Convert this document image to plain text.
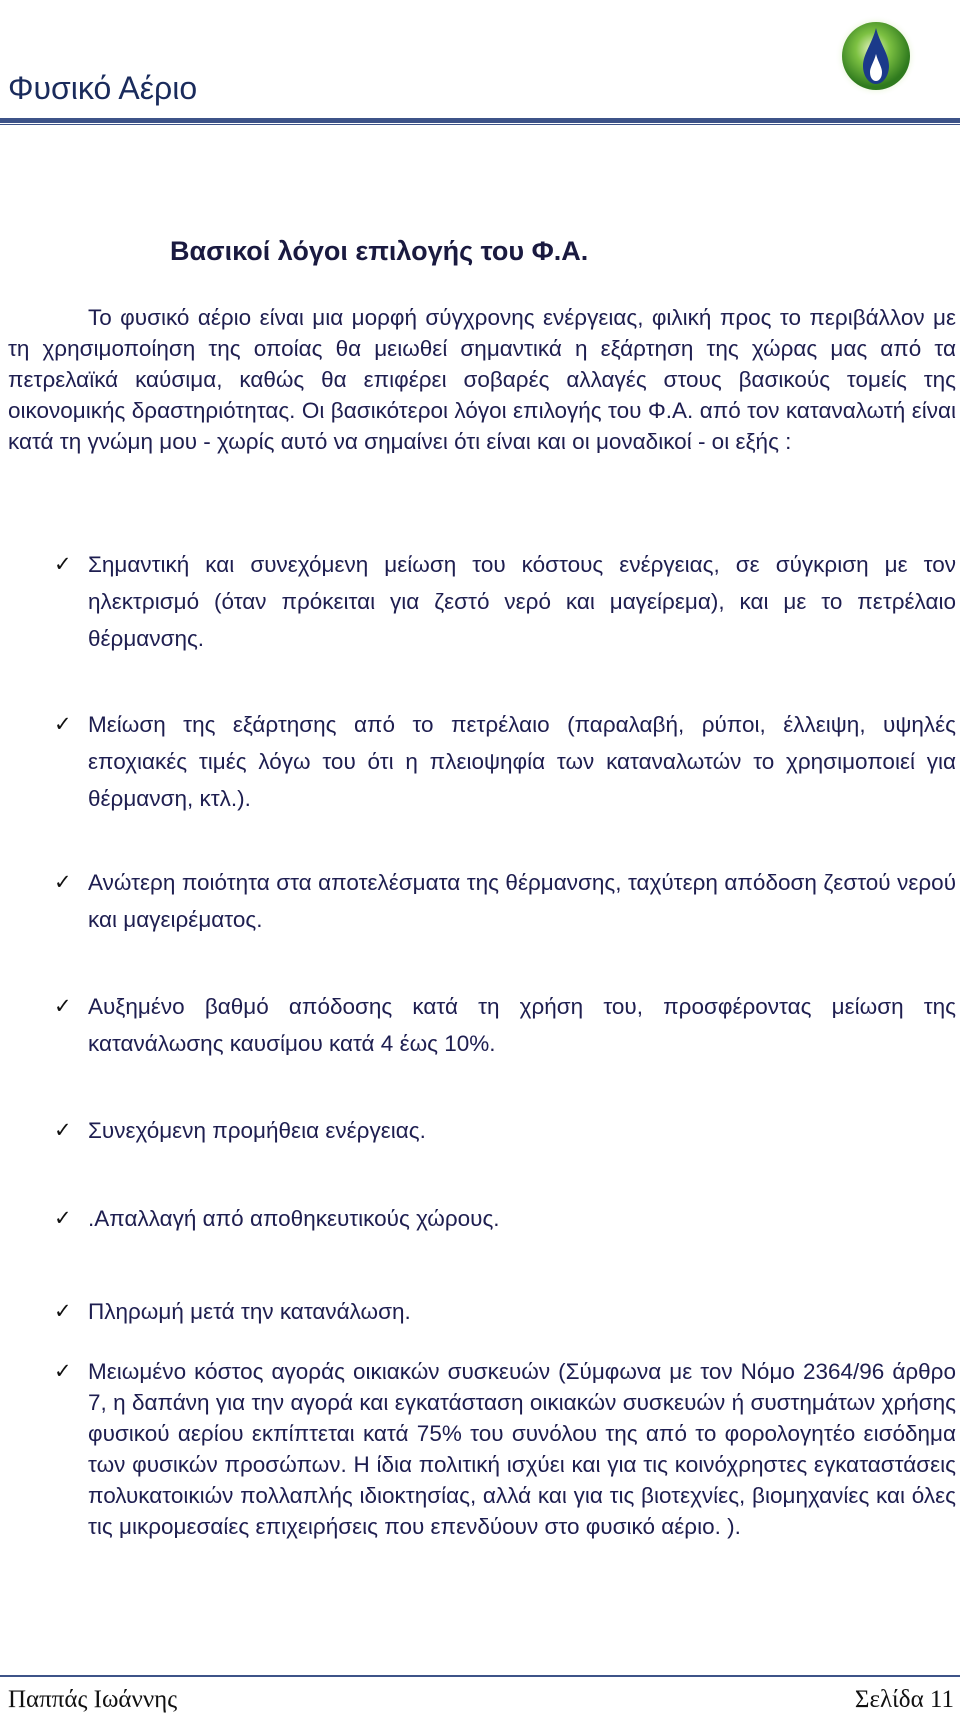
Φυσικό Αέριο
Βασικοί λόγοι επιλογής του Φ.Α.

Το φυσικό αέριο είναι μια μορφή σύγχρονης ενέργειας, φιλική προς το περιβάλλον με τη χρησιμοποίηση της οποίας θα μειωθεί σημαντικά η εξάρτηση της χώρας μας από τα πετρελαϊκά καύσιμα, καθώς θα επιφέρει σοβαρές αλλαγές στους βασικούς τομείς της οικονομικής δραστηριότητας. Οι βασικότεροι λόγοι επιλογής του Φ.Α. από τον καταναλωτή είναι κατά τη γνώμη μου - χωρίς αυτό να σημαίνει ότι είναι και οι μοναδικοί - οι εξής :

✓ Σημαντική και συνεχόμενη μείωση του κόστους ενέργειας, σε σύγκριση με τον ηλεκτρισμό (όταν πρόκειται για ζεστό νερό και μαγείρεμα), και με το πετρέλαιο θέρμανσης.

✓ Μείωση της εξάρτησης από το πετρέλαιο (παραλαβή, ρύποι, έλλειψη, υψηλές εποχιακές τιμές λόγω του ότι η πλειοψηφία των καταναλωτών το χρησιμοποιεί για θέρμανση, κτλ.).

✓ Ανώτερη ποιότητα στα αποτελέσματα της θέρμανσης, ταχύτερη απόδοση ζεστού νερού και μαγειρέματος.

✓ Αυξημένο βαθμό απόδοσης κατά τη χρήση του, προσφέροντας μείωση της κατανάλωσης καυσίμου κατά 4 έως 10%.

✓ Συνεχόμενη προμήθεια ενέργειας.

✓ .Απαλλαγή από αποθηκευτικούς χώρους.

✓ Πληρωμή μετά την κατανάλωση.

✓ Μειωμένο κόστος αγοράς οικιακών συσκευών (Σύμφωνα με τον Νόμο 2364/96 άρθρο 7, η δαπάνη για την αγορά και εγκατάσταση οικιακών συσκευών ή συστημάτων χρήσης φυσικού αερίου εκπίπτεται κατά 75% του συνόλου της από το φορολογητέο εισόδημα των φυσικών προσώπων. Η ίδια πολιτική ισχύει και για τις κοινόχρηστες εγκαταστάσεις πολυκατοικιών πολλαπλής ιδιοκτησίας, αλλά και για τις βιοτεχνίες, βιομηχανίες και όλες τις μικρομεσαίες επιχειρήσεις που επενδύουν στο φυσικό αέριο. ).

Παππάς Ιωάννης	Σελίδα 11
